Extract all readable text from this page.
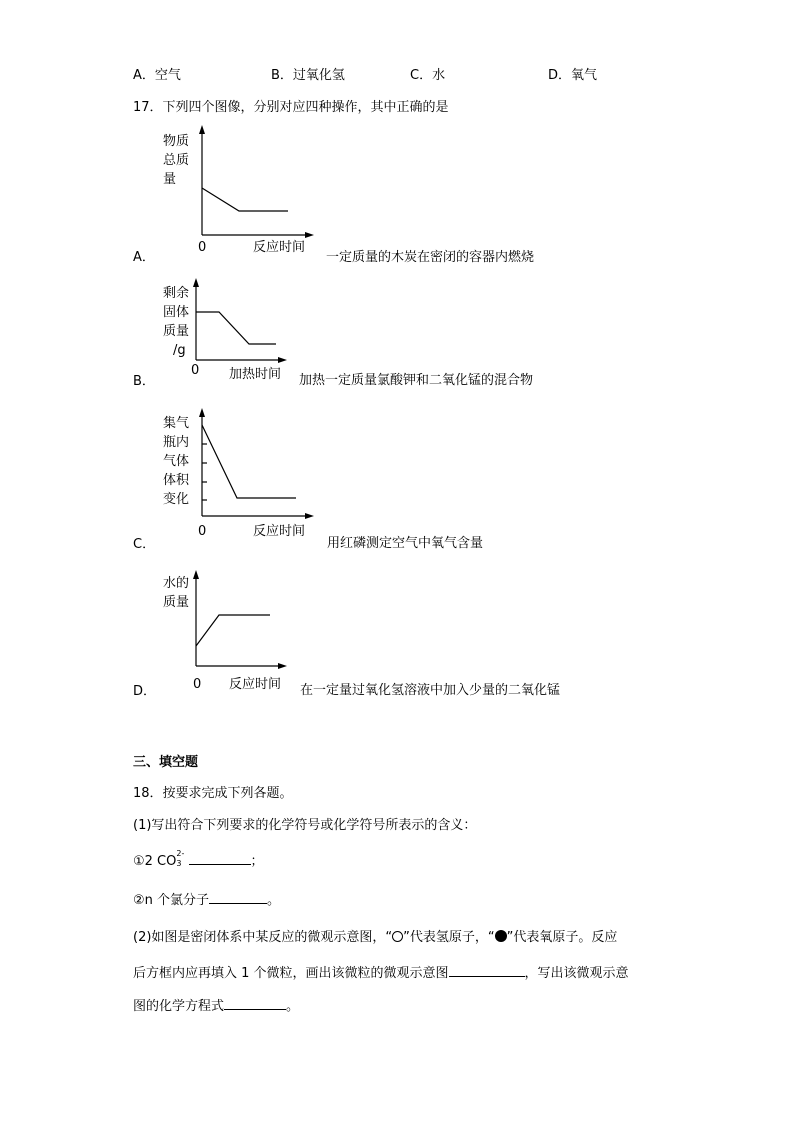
A．空气	B．过氧化氢	C．水	D．氧气
17．下列四个图像，分别对应四种操作，其中正确的是
物质
总质
量
0	反应时间
A．	一定质量的木炭在密闭的容器内燃烧
剩余
固体
质量
/g
0 加热时间
B．	加热一定质量氯酸钾和二氧化锰的混合物
集气
瓶内
气体
体积
变化
0	反应时间
C．	用红磷测定空气中氧气含量
水的
质量
0 反应时间
D．	在一定量过氧化氢溶液中加入少量的二氧化锰
三、填空题
18．按要求完成下列各题。
(1)写出符合下列要求的化学符号或化学符号所表示的含义：
①2 CO
2-
3	；
②n 个氯分子	。
(2)如图是密闭体系中某反应的微观示意图，“ ”代表氢原子，“ ”代表氧原子。反应
后方框内应再填入 1 个微粒，画出该微粒的微观示意图	，写出该微观示意
图的化学方程式	。
